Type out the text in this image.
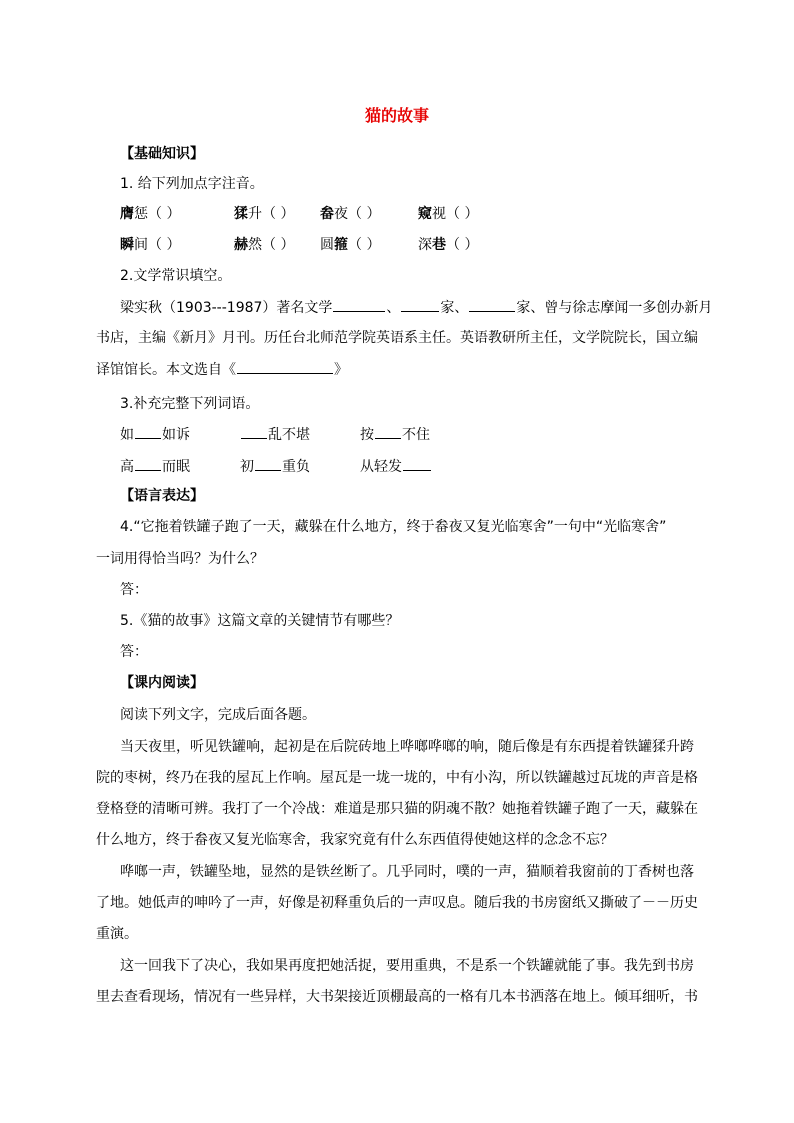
猫的故事
【基础知识】
1. 给下列加点字注音。
膺惩（ ）	猱升（ ） 畚夜（ ）	窥视（ ）
瞬间（ ）	赫然（ ） 圆箍（ ）	深巷（ ）
2.文学常识填空。
梁实秋（1903---1987）著名文学	、	家、	家、曾与徐志摩闻一多创办新月
书店，主编《新月》月刊。历任台北师范学院英语系主任。英语教研所主任，文学院院长，国立编
译馆馆长。本文选自《	》
3.补充完整下列词语。
如 如诉	乱不堪	按 不住
高 而眠	初 重负	从轻发
【语言表达】
4.“它拖着铁罐子跑了一天，藏躲在什么地方，终于畚夜又复光临寒舍”一句中“光临寒舍”
一词用得恰当吗？为什么？
答：
5.《猫的故事》这篇文章的关键情节有哪些？
答：
【课内阅读】
阅读下列文字，完成后面各题。
当天夜里，听见铁罐响，起初是在后院砖地上哗啷哗啷的响，随后像是有东西提着铁罐猱升跨
院的枣树，终乃在我的屋瓦上作响。屋瓦是一垅一垅的，中有小沟，所以铁罐越过瓦垅的声音是格
登格登的清晰可辨。我打了一个冷战：难道是那只猫的阴魂不散？她拖着铁罐子跑了一天，藏躲在
什么地方，终于畚夜又复光临寒舍，我家究竟有什么东西值得使她这样的念念不忘？
哗啷一声，铁罐坠地，显然的是铁丝断了。几乎同时，噗的一声，猫顺着我窗前的丁香树也落
了地。她低声的呻吟了一声，好像是初释重负后的一声叹息。随后我的书房窗纸又撕破了－－历史
重演。
这一回我下了决心，我如果再度把她活捉，要用重典，不是系一个铁罐就能了事。我先到书房
里去查看现场，情况有一些异样，大书架接近顶棚最高的一格有几本书洒落在地上。倾耳细听，书
